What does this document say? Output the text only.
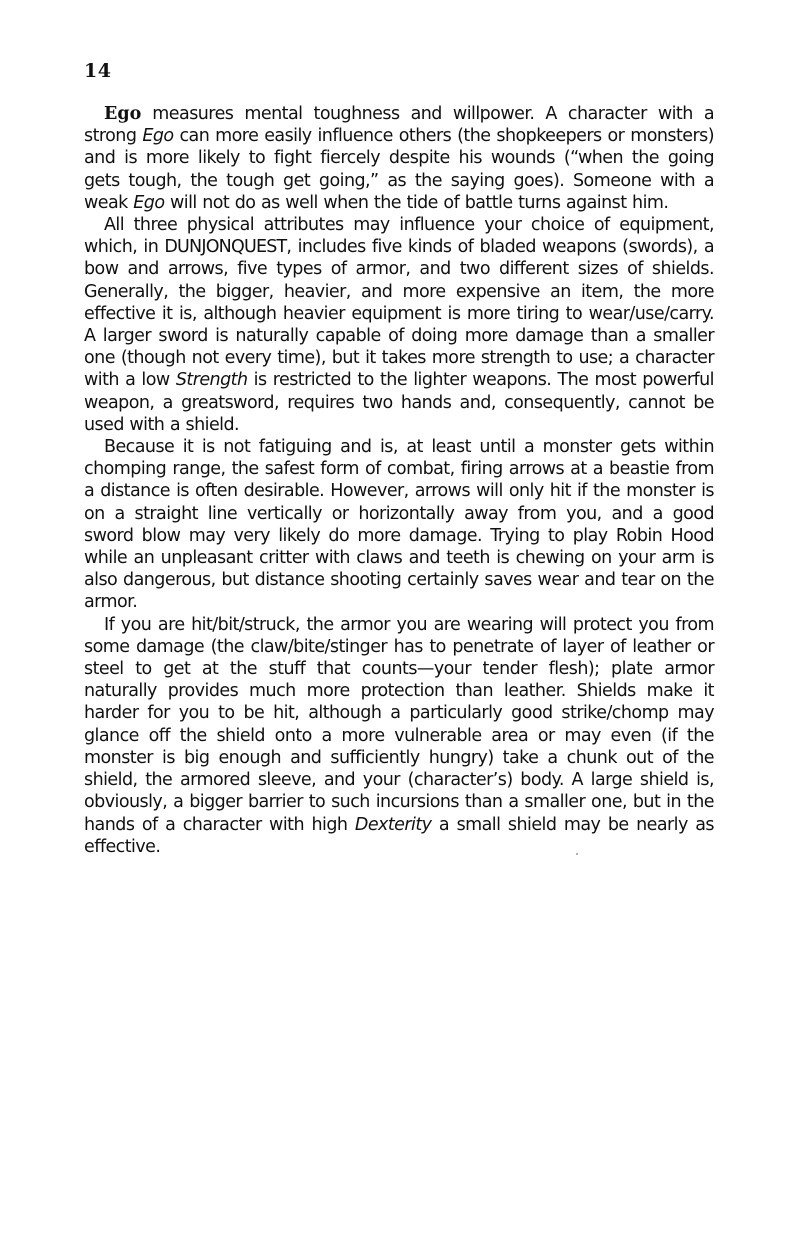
14

Ego measures mental toughness and willpower. A character with a strong Ego can more easily influence others (the shopkeepers or monsters) and is more likely to fight fiercely despite his wounds (“when the going gets tough, the tough get going,” as the saying goes). Someone with a weak Ego will not do as well when the tide of battle turns against him.

All three physical attributes may influence your choice of equipment, which, in DUNJONQUEST, includes five kinds of bladed weapons (swords), a bow and arrows, five types of armor, and two different sizes of shields. Generally, the bigger, heavier, and more expensive an item, the more effective it is, although heavier equipment is more tiring to wear/use/carry. A larger sword is naturally capable of doing more damage than a smaller one (though not every time), but it takes more strength to use; a character with a low Strength is restricted to the lighter weapons. The most powerful weapon, a greatsword, requires two hands and, consequently, cannot be used with a shield.

Because it is not fatiguing and is, at least until a monster gets within chomping range, the safest form of combat, firing arrows at a beastie from a distance is often desirable. However, arrows will only hit if the monster is on a straight line vertically or horizontally away from you, and a good sword blow may very likely do more damage. Trying to play Robin Hood while an unpleasant critter with claws and teeth is chewing on your arm is also dangerous, but distance shooting certainly saves wear and tear on the armor.

If you are hit/bit/struck, the armor you are wearing will protect you from some damage (the claw/bite/stinger has to penetrate of layer of leather or steel to get at the stuff that counts—your tender flesh); plate armor naturally provides much more protection than leather. Shields make it harder for you to be hit, although a particularly good strike/chomp may glance off the shield onto a more vulnerable area or may even (if the monster is big enough and sufficiently hungry) take a chunk out of the shield, the armored sleeve, and your (character’s) body. A large shield is, obviously, a bigger barrier to such incursions than a smaller one, but in the hands of a character with high Dexterity a small shield may be nearly as effective.
